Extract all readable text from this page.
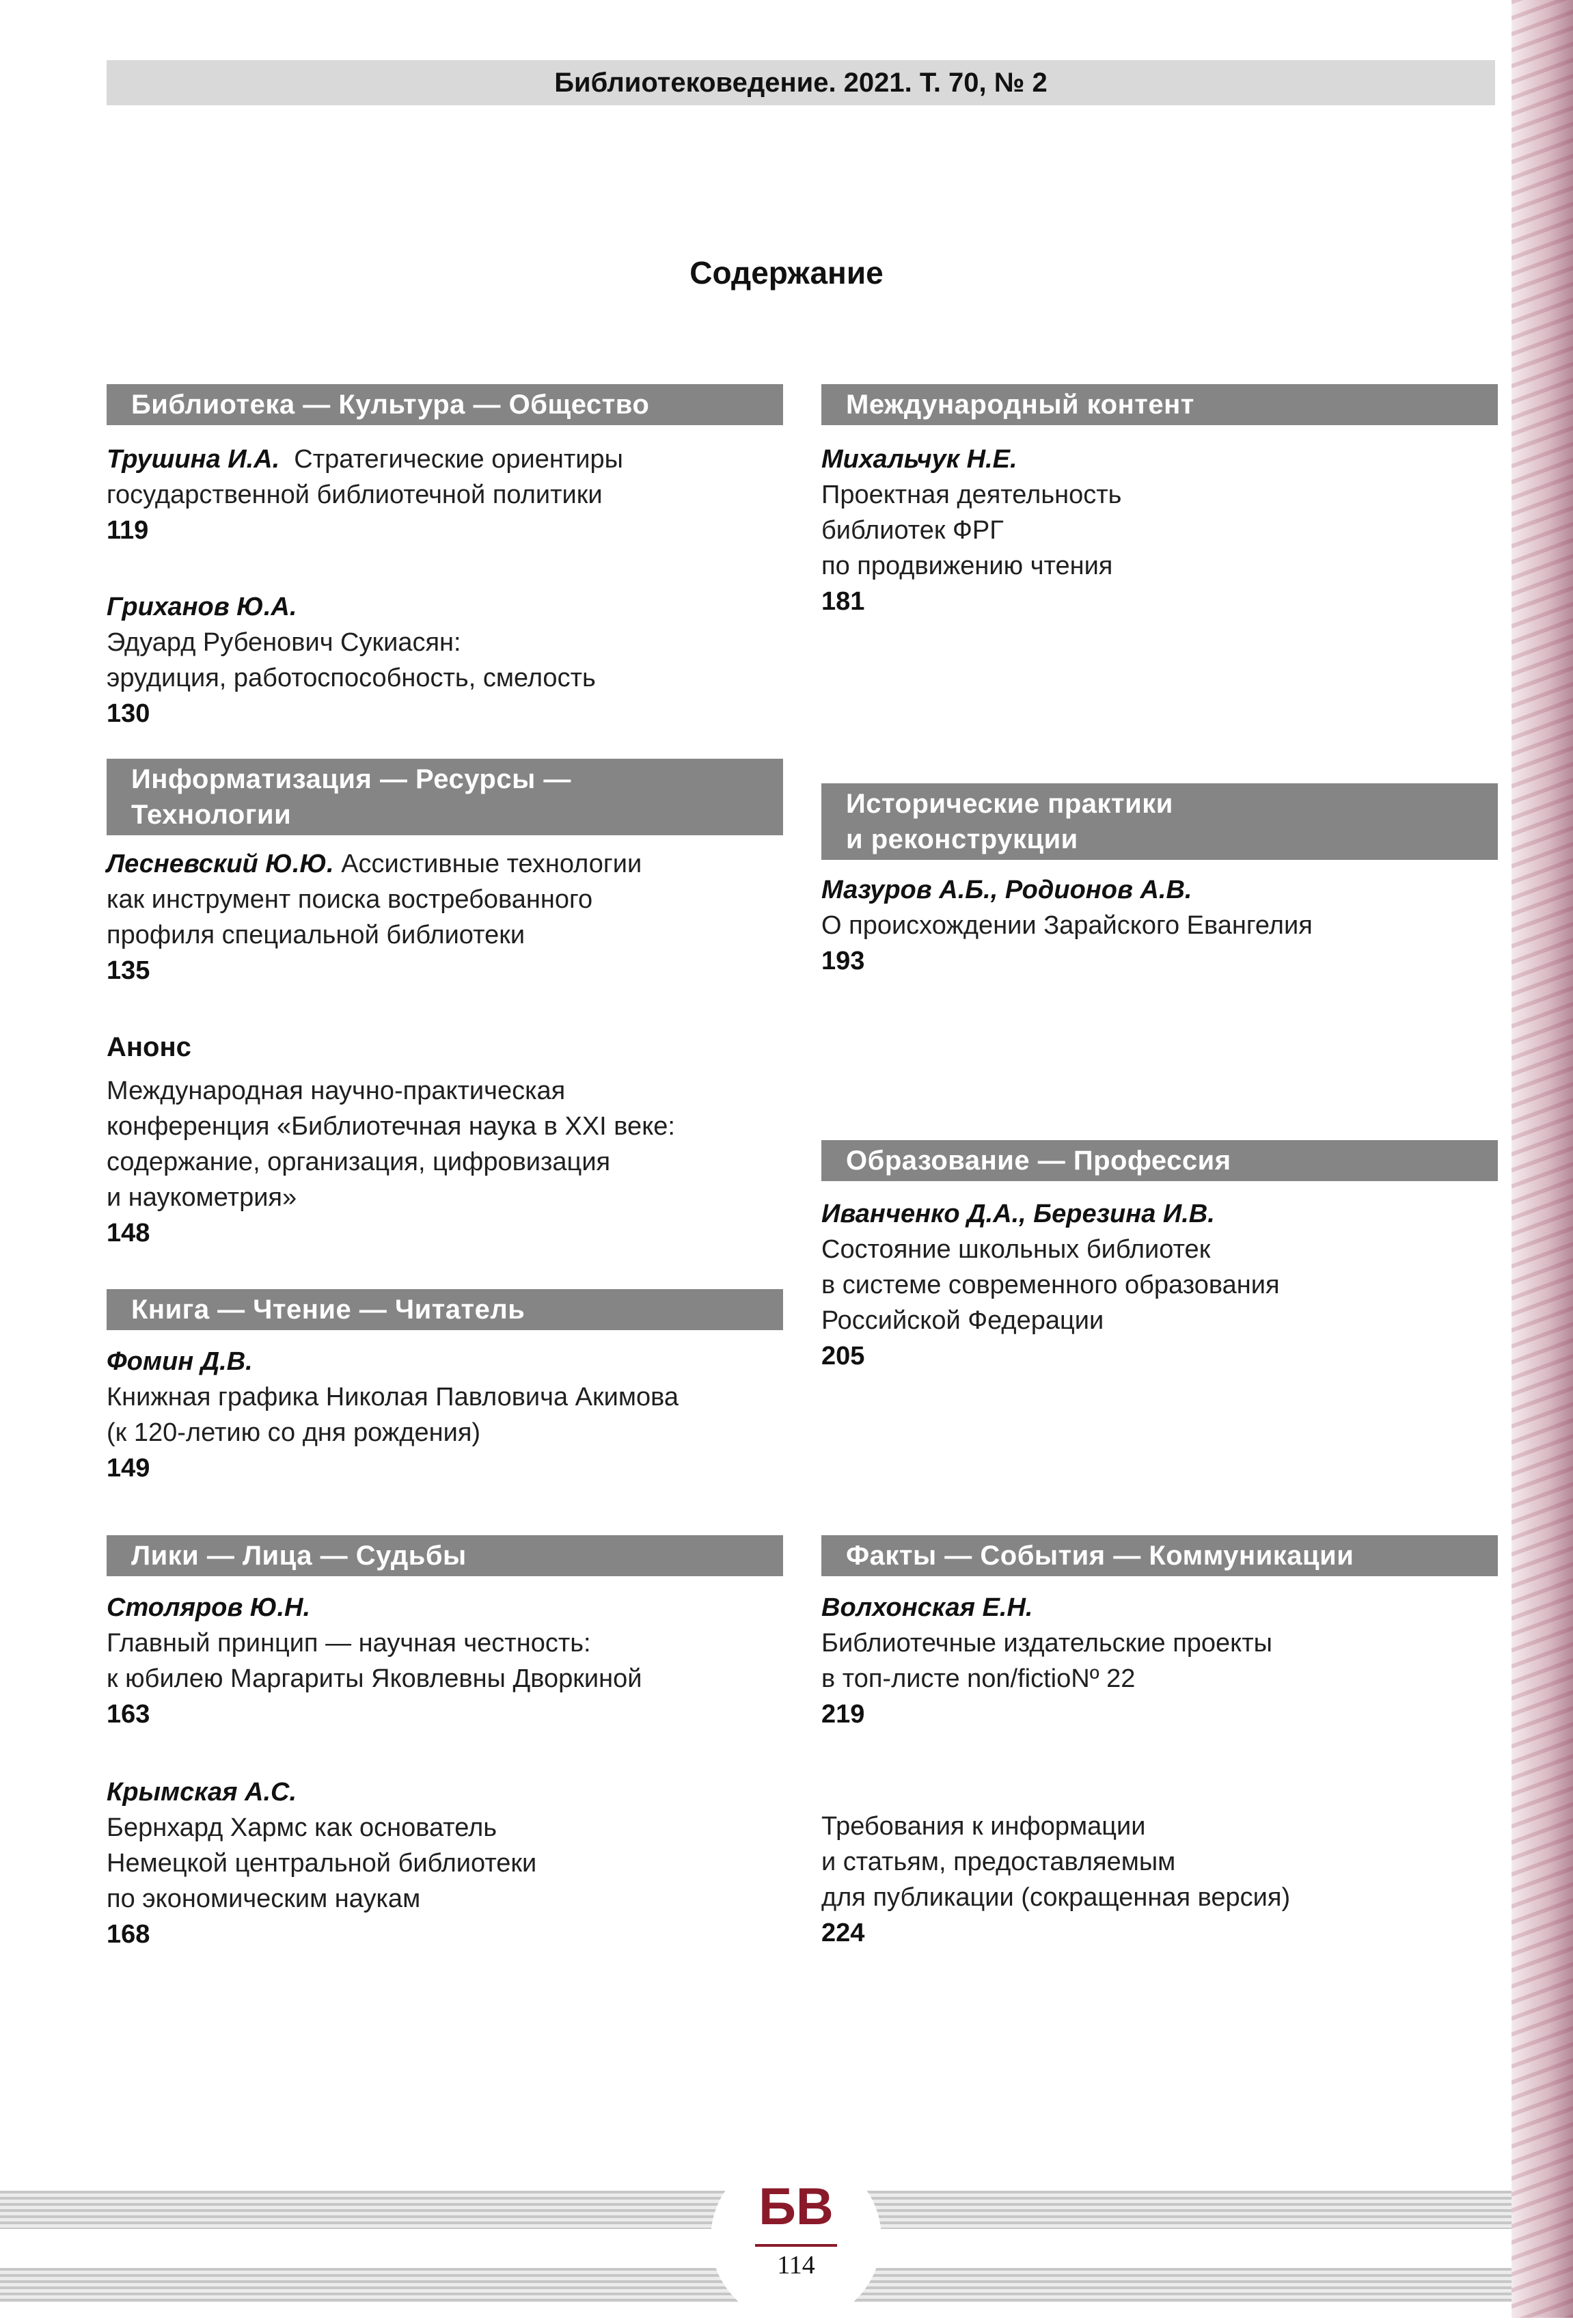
Библиотековедение. 2021. Т. 70, № 2
Содержание
Библиотека — Культура — Общество
Трушина И.А. Стратегические ориентиры
государственной библиотечной политики
119
Гриханов Ю.А.
Эдуард Рубенович Сукиасян:
эрудиция, работоспособность, смелость
130
Информатизация — Ресурсы —
Технологии
Лесневский Ю.Ю. Ассистивные технологии
как инструмент поиска востребованного
профиля специальной библиотеки
135
Анонс
Международная научно-практическая
конференция «Библиотечная наука в XXI веке:
содержание, организация, цифровизация
и наукометрия»
148
Книга — Чтение — Читатель
Фомин Д.В.
Книжная графика Николая Павловича Акимова
(к 120-летию со дня рождения)
149
Лики — Лица — Судьбы
Столяров Ю.Н.
Главный принцип — научная честность:
к юбилею Маргариты Яковлевны Дворкиной
163
Крымская А.С.
Бернхард Хармс как основатель
Немецкой центральной библиотеки
по экономическим наукам
168
Международный контент
Михальчук Н.Е.
Проектная деятельность
библиотек ФРГ
по продвижению чтения
181
Исторические практики
и реконструкции
Мазуров А.Б., Родионов А.В.
О происхождении Зарайского Евангелия
193
Образование — Профессия
Иванченко Д.А., Березина И.В.
Состояние школьных библиотек
в системе современного образования
Российской Федерации
205
Факты — События — Коммуникации
Волхонская Е.Н.
Библиотечные издательские проекты
в топ-листе non/fictioNº 22
219
Требования к информации
и статьям, предоставляемым
для публикации (сокращенная версия)
224
БВ
114
